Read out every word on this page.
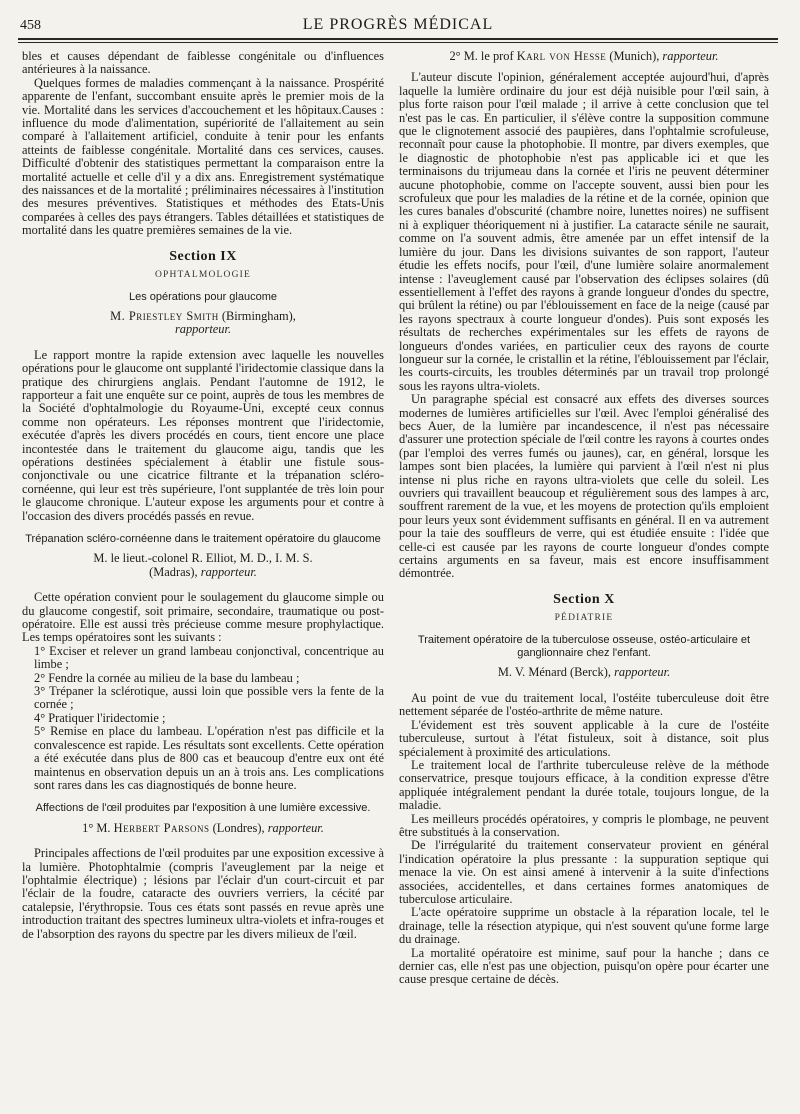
458	LE PROGRÈS MÉDICAL

bles et causes dépendant de faiblesse congénitale ou d'influences antérieures à la naissance.

Quelques formes de maladies commençant à la naissance. Prospérité apparente de l'enfant, succombant ensuite après le premier mois de la vie. Mortalité dans les services d'accouchement et les hôpitaux.Causes : influence du mode d'alimentation, supériorité de l'allaitement au sein comparé à l'allaitement artificiel, conduite à tenir pour les enfants atteints de faiblesse congénitale. Mortalité dans ces services, causes. Difficulté d'obtenir des statistiques permettant la comparaison entre la mortalité actuelle et celle d'il y a dix ans. Enregistrement systématique des naissances et de la mortalité ; préliminaires nécessaires à l'institution des mesures préventives. Statistiques et méthodes des Etats-Unis comparées à celles des pays étrangers. Tables détaillées et statistiques de mortalité dans les quatre premières semaines de la vie.

Section IX
OPHTALMOLOGIE
Les opérations pour glaucome
M. Priestley Smith (Birmingham),
rapporteur.

Le rapport montre la rapide extension avec laquelle les nouvelles opérations pour le glaucome ont supplanté l'iridectomie classique dans la pratique des chirurgiens anglais. Pendant l'automne de 1912, le rapporteur a fait une enquête sur ce point, auprès de tous les membres de la Société d'ophtalmologie du Royaume-Uni, excepté ceux connus comme non opérateurs. Les réponses montrent que l'iridectomie, exécutée d'après les divers procédés en cours, tient encore une place incontestée dans le traitement du glaucome aigu, tandis que les opérations destinées spécialement à établir une fistule sous-conjonctivale ou une cicatrice filtrante et la trépanation scléro-cornéenne, qui leur est très supérieure, l'ont supplantée de très loin pour le glaucome chronique. L'auteur expose les arguments pour et contre à l'occasion des divers procédés passés en revue.

Trépanation scléro-cornéenne dans le traitement opératoire du glaucome
M. le lieut.-colonel R. Elliot, M. D., I. M. S.
(Madras), rapporteur.

Cette opération convient pour le soulagement du glaucome simple ou du glaucome congestif, soit primaire, secondaire, traumatique ou post-opératoire. Elle est aussi très précieuse comme mesure prophylactique. Les temps opératoires sont les suivants :

1° Exciser et relever un grand lambeau conjonctival, concentrique au limbe ;

2° Fendre la cornée au milieu de la base du lambeau ;

3° Trépaner la sclérotique, aussi loin que possible vers la fente de la cornée ;

4° Pratiquer l'iridectomie ;

5° Remise en place du lambeau. L'opération n'est pas difficile et la convalescence est rapide. Les résultats sont excellents. Cette opération a été exécutée dans plus de 800 cas et beaucoup d'entre eux ont été maintenus en observation depuis un an à trois ans. Les complications sont rares dans les cas diagnostiqués de bonne heure.

Affections de l'œil produites par l'exposition à une lumière excessive.
1° M. Herbert Parsons (Londres), rapporteur.

Principales affections de l'œil produites par une exposition excessive à la lumière. Photophtalmie (compris l'aveuglement par la neige et l'ophtalmie électrique) ; lésions par l'éclair d'un court-circuit et par l'éclair de la foudre, cataracte des ouvriers verriers, la cécité par catalepsie, l'érythropsie. Tous ces états sont passés en revue après une introduction traitant des spectres lumineux ultra-violets et infra-rouges et de l'absorption des rayons du spectre par les divers milieux de l'œil.

2° M. le prof Karl von Hesse (Munich), rapporteur.

L'auteur discute l'opinion, généralement acceptée aujourd'hui, d'après laquelle la lumière ordinaire du jour est déjà nuisible pour l'œil sain, à plus forte raison pour l'œil malade ; il arrive à cette conclusion que tel n'est pas le cas. En particulier, il s'élève contre la supposition commune que le clignotement associé des paupières, dans l'ophtalmie scrofuleuse, reconnaît pour cause la photophobie. Il montre, par divers exemples, que le diagnostic de photophobie n'est pas applicable ici et que les terminaisons du trijumeau dans la cornée et l'iris ne peuvent déterminer aucune photophobie, comme on l'accepte souvent, aussi bien pour les scrofuleux que pour les maladies de la rétine et de la cornée, opinion que les cures banales d'obscurité (chambre noire, lunettes noires) ne suffisent ni à expliquer théoriquement ni à justifier. La cataracte sénile ne saurait, comme on l'a souvent admis, être amenée par un effet intensif de la lumière du jour. Dans les divisions suivantes de son rapport, l'auteur étudie les effets nocifs, pour l'œil, d'une lumière solaire anormalement intense : l'aveuglement causé par l'observation des éclipses solaires (dû essentiellement à l'effet des rayons à grande longueur d'ondes du spectre, qui brûlent la rétine) ou par l'éblouissement en face de la neige (causé par les rayons spectraux à courte longueur d'ondes). Puis sont exposés les résultats de recherches expérimentales sur les effets de rayons de longueurs d'ondes variées, en particulier ceux des rayons de courte longueur sur la cornée, le cristallin et la rétine, l'éblouissement par l'éclair, les courts-circuits, les troubles déterminés par un travail trop prolongé sous les rayons ultra-violets.

Un paragraphe spécial est consacré aux effets des diverses sources modernes de lumières artificielles sur l'œil. Avec l'emploi généralisé des becs Auer, de la lumière par incandescence, il n'est pas nécessaire d'assurer une protection spéciale de l'œil contre les rayons à courtes ondes (par l'emploi des verres fumés ou jaunes), car, en général, lorsque les lampes sont bien placées, la lumière qui parvient à l'œil n'est ni plus intense ni plus riche en rayons ultra-violets que celle du soleil. Les ouvriers qui travaillent beaucoup et régulièrement sous des lampes à arc, souffrent rarement de la vue, et les moyens de protection qu'ils emploient pour leurs yeux sont évidemment suffisants en général. Il en va autrement pour la taie des souffleurs de verre, qui est étudiée ensuite : l'idée que celle-ci est causée par les rayons de courte longueur d'ondes compte certains arguments en sa faveur, mais est encore insuffisamment démontrée.

Section X
PÉDIATRIE
Traitement opératoire de la tuberculose osseuse, ostéo-articulaire et ganglionnaire chez l'enfant.
M. V. Ménard (Berck), rapporteur.

Au point de vue du traitement local, l'ostéite tuberculeuse doit être nettement séparée de l'ostéo-arthrite de même nature.

L'évidement est très souvent applicable à la cure de l'ostéite tuberculeuse, surtout à l'état fistuleux, soit à distance, soit plus spécialement à proximité des articulations.

Le traitement local de l'arthrite tuberculeuse relève de la méthode conservatrice, presque toujours efficace, à la condition expresse d'être appliquée intégralement pendant la durée totale, toujours longue, de la maladie.

Les meilleurs procédés opératoires, y compris le plombage, ne peuvent être substitués à la conservation.

De l'irrégularité du traitement conservateur provient en général l'indication opératoire la plus pressante : la suppuration septique qui menace la vie. On est ainsi amené à intervenir à la suite d'infections associées, accidentelles, et dans certaines formes anatomiques de tuberculose articulaire.

L'acte opératoire supprime un obstacle à la réparation locale, tel le drainage, telle la résection atypique, qui n'est souvent qu'une forme large du drainage.

La mortalité opératoire est minime, sauf pour la hanche ; dans ce dernier cas, elle n'est pas une objection, puisqu'on opère pour écarter une cause presque certaine de décès.
